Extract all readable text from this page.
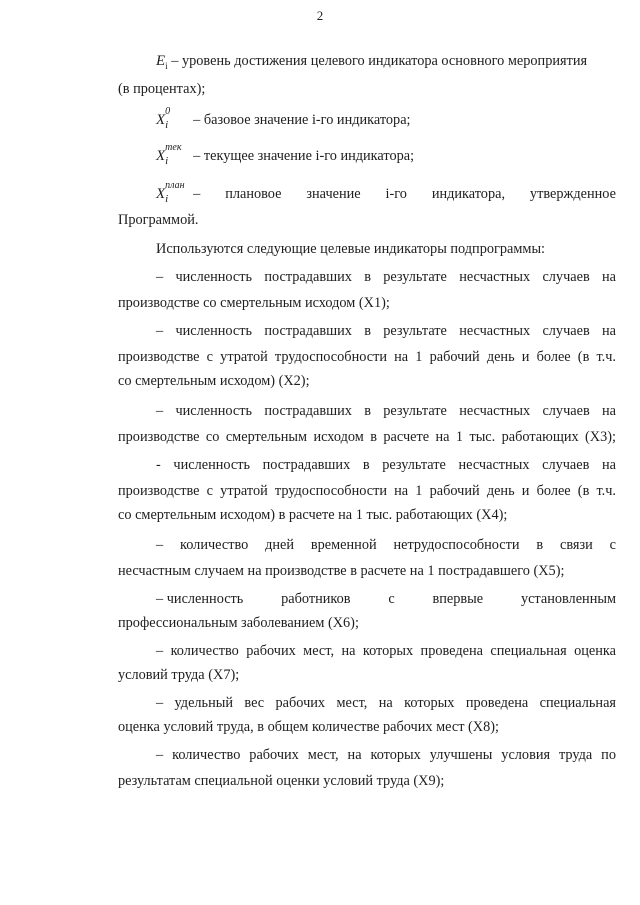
2
$E_i$ – уровень достижения целевого индикатора основного мероприятия
(в процентах);
X
0
i – базовое значение i-го индикатора;
X
тек
i – текущее значение i-го индикатора;
X
план
i – плановое значение i-го индикатора, утвержденное
Программой.
Используются следующие целевые индикаторы подпрограммы:
– численность пострадавших в результате несчастных случаев на
производстве со смертельным исходом (X1);
– численность пострадавших в результате несчастных случаев на
производстве с утратой трудоспособности на 1 рабочий день и более (в т.ч.
со смертельным исходом) (X2);
– численность пострадавших в результате несчастных случаев на
производстве со смертельным исходом в расчете на 1 тыс. работающих (X3);
- численность пострадавших в результате несчастных случаев на
производстве с утратой трудоспособности на 1 рабочий день и более (в т.ч.
со смертельным исходом) в расчете на 1 тыс. работающих (X4);
– количество дней временной нетрудоспособности в связи с
несчастным случаем на производстве в расчете на 1 пострадавшего (X5);
– численность	работников	с	впервые	установленным
профессиональным заболеванием (X6);
– количество рабочих мест, на которых проведена специальная оценка
условий труда (X7);
– удельный вес рабочих мест, на которых проведена специальная
оценка условий труда, в общем количестве рабочих мест (X8);
– количество рабочих мест, на которых улучшены условия труда по
результатам специальной оценки условий труда (X9);
